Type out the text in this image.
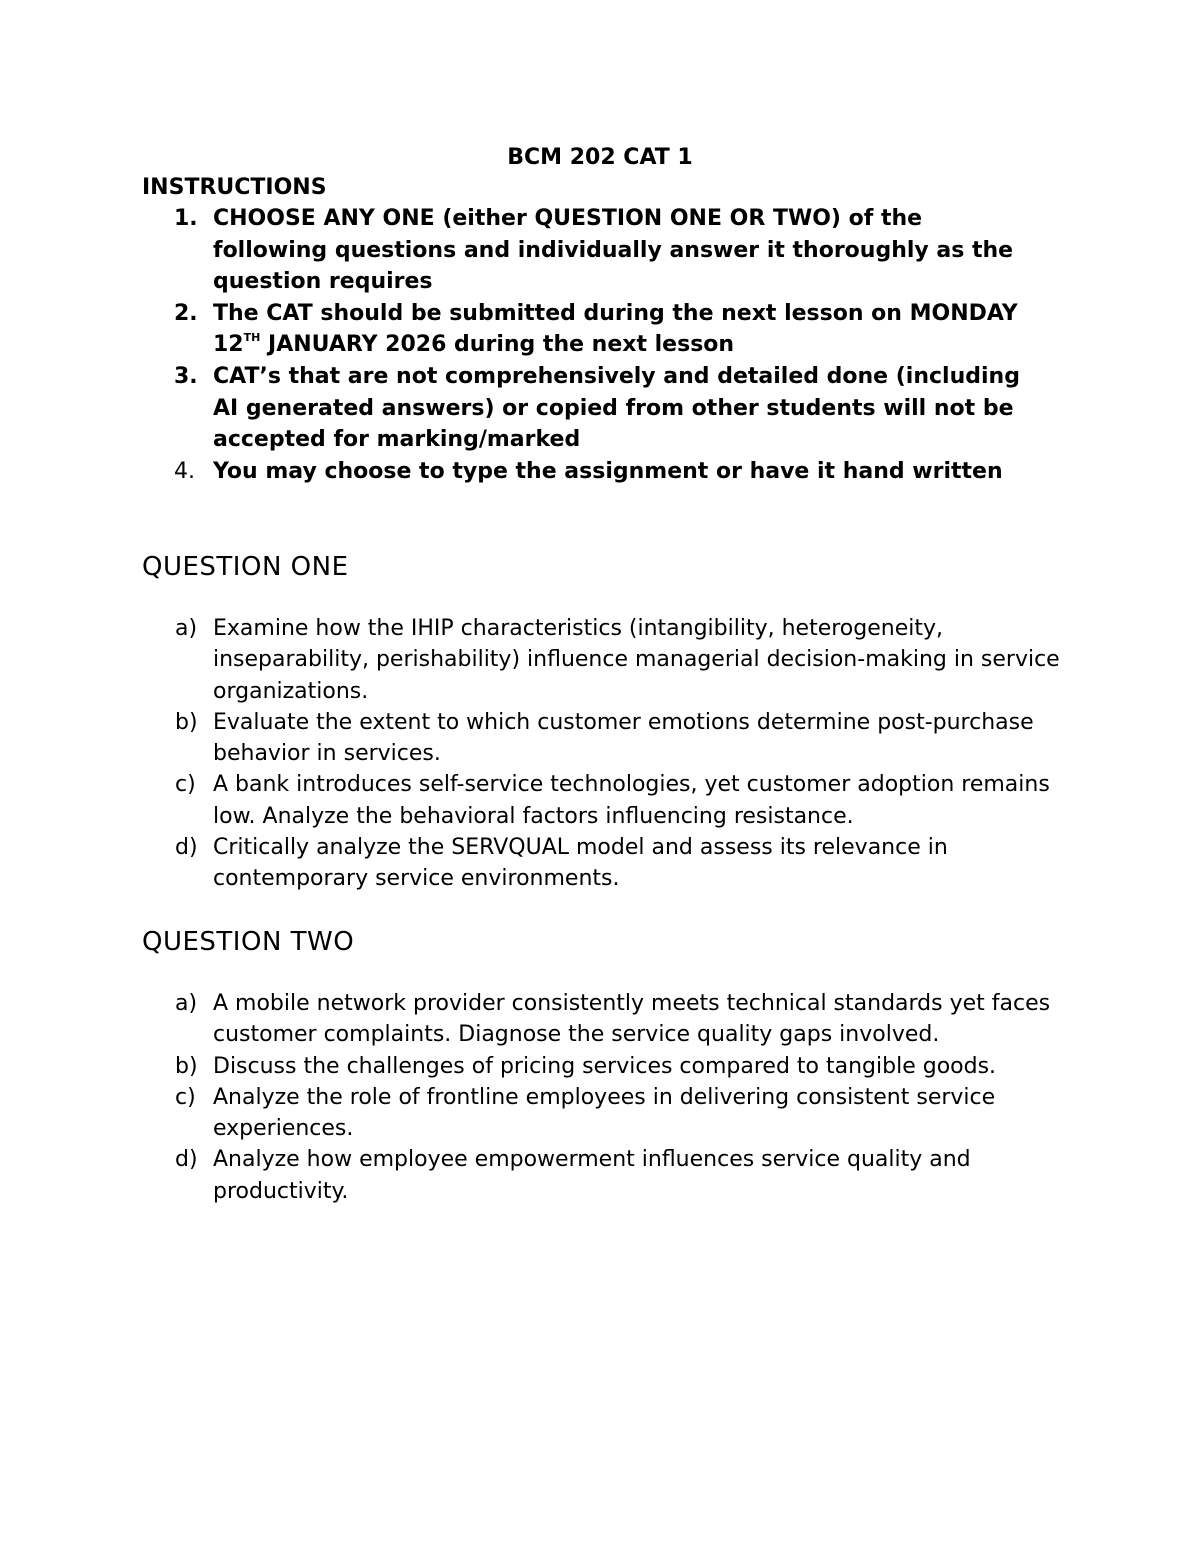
BCM 202 CAT 1
INSTRUCTIONS
1. CHOOSE ANY ONE (either QUESTION ONE OR TWO) of the following questions and individually answer it thoroughly as the question requires
2. The CAT should be submitted during the next lesson on MONDAY 12TH JANUARY 2026 during the next lesson
3. CAT’s that are not comprehensively and detailed done (including AI generated answers) or copied from other students will not be accepted for marking/marked
4. You may choose to type the assignment or have it hand written
QUESTION ONE
a) Examine how the IHIP characteristics (intangibility, heterogeneity, inseparability, perishability) influence managerial decision-making in service organizations.
b) Evaluate the extent to which customer emotions determine post-purchase behavior in services.
c) A bank introduces self-service technologies, yet customer adoption remains low. Analyze the behavioral factors influencing resistance.
d) Critically analyze the SERVQUAL model and assess its relevance in contemporary service environments.
QUESTION TWO
a) A mobile network provider consistently meets technical standards yet faces customer complaints. Diagnose the service quality gaps involved.
b) Discuss the challenges of pricing services compared to tangible goods.
c) Analyze the role of frontline employees in delivering consistent service experiences.
d) Analyze how employee empowerment influences service quality and productivity.
